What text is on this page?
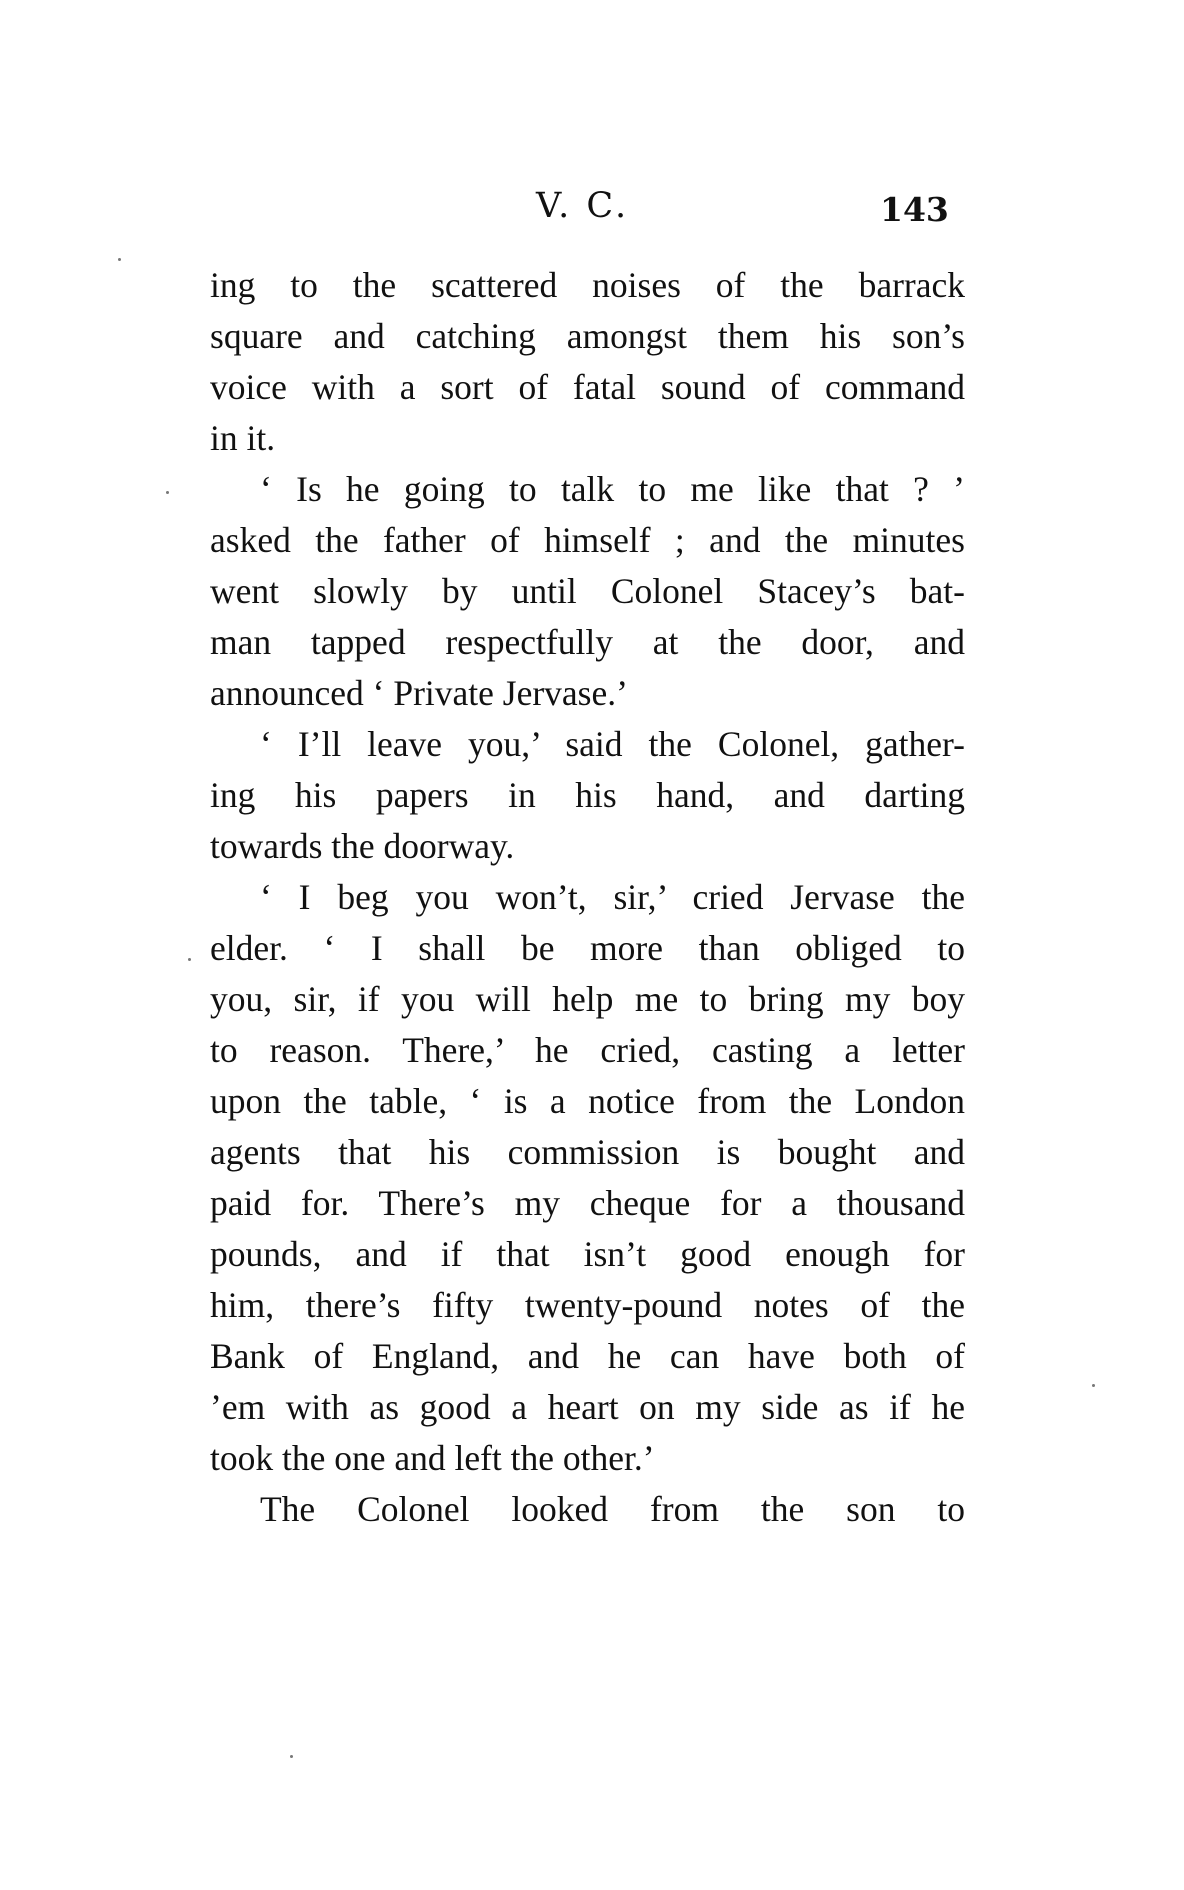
V. C.	143
ing to the scattered noises of the barrack
square and catching amongst them his son’s
voice with a sort of fatal sound of command
in it.
‘ Is he going to talk to me like that ? ’
asked the father of himself ; and the minutes
went slowly by until Colonel Stacey’s bat-
man tapped respectfully at the door, and
announced ‘ Private Jervase.’
‘ I’ll leave you,’ said the Colonel, gather-
ing his papers in his hand, and darting
towards the doorway.
‘ I beg you won’t, sir,’ cried Jervase the
elder. ‘ I shall be more than obliged to
you, sir, if you will help me to bring my boy
to reason. There,’ he cried, casting a letter
upon the table, ‘ is a notice from the London
agents that his commission is bought and
paid for. There’s my cheque for a thousand
pounds, and if that isn’t good enough for
him, there’s fifty twenty-pound notes of the
Bank of England, and he can have both of
’em with as good a heart on my side as if he
took the one and left the other.’
The Colonel looked from the son to
